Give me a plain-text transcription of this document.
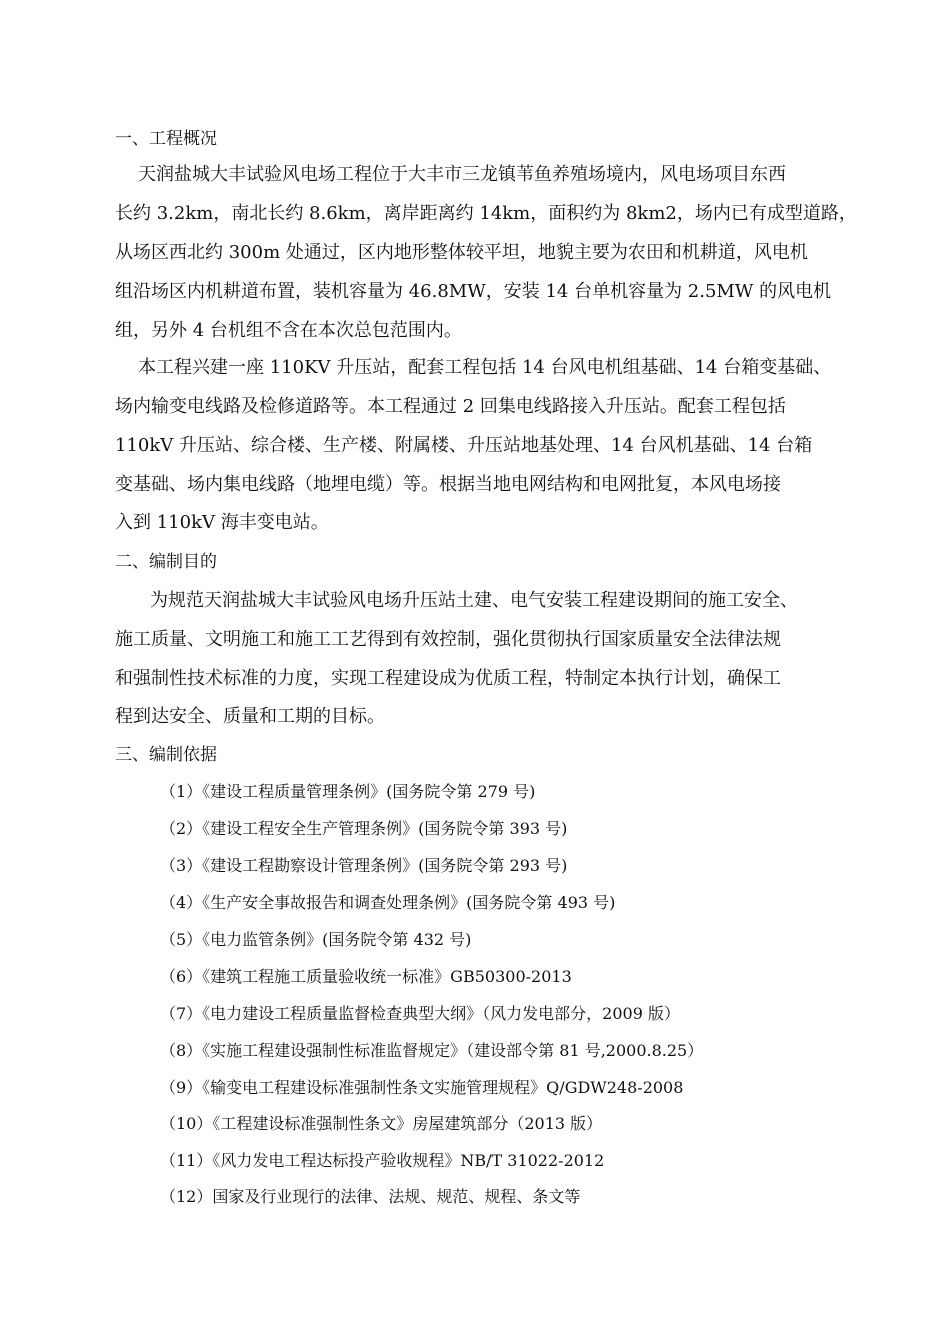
一、工程概况
天润盐城大丰试验风电场工程位于大丰市三龙镇苇鱼养殖场境内，风电场项目东西
长约 3.2km，南北长约 8.6km，离岸距离约 14km，面积约为 8km2，场内已有成型道路，
从场区西北约 300m 处通过，区内地形整体较平坦，地貌主要为农田和机耕道，风电机
组沿场区内机耕道布置，装机容量为 46.8MW，安装 14 台单机容量为 2.5MW 的风电机
组，另外 4 台机组不含在本次总包范围内。
本工程兴建一座 110KV 升压站，配套工程包括 14 台风电机组基础、14 台箱变基础、
场内输变电线路及检修道路等。本工程通过 2 回集电线路接入升压站。配套工程包括
110kV 升压站、综合楼、生产楼、附属楼、升压站地基处理、14 台风机基础、14 台箱
变基础、场内集电线路（地埋电缆）等。根据当地电网结构和电网批复，本风电场接
入到 110kV 海丰变电站。
二、编制目的
为规范天润盐城大丰试验风电场升压站土建、电气安装工程建设期间的施工安全、
施工质量、文明施工和施工工艺得到有效控制，强化贯彻执行国家质量安全法律法规
和强制性技术标准的力度，实现工程建设成为优质工程，特制定本执行计划，确保工
程到达安全、质量和工期的目标。
三、编制依据
（1）《建设工程质量管理条例》(国务院令第 279 号)
（2）《建设工程安全生产管理条例》(国务院令第 393 号)
（3）《建设工程勘察设计管理条例》(国务院令第 293 号)
（4）《生产安全事故报告和调查处理条例》(国务院令第 493 号)
（5）《电力监管条例》(国务院令第 432 号)
（6）《建筑工程施工质量验收统一标准》GB50300-2013
（7）《电力建设工程质量监督检查典型大纲》（风力发电部分，2009 版）
（8）《实施工程建设强制性标准监督规定》（建设部令第 81 号,2000.8.25）
（9）《输变电工程建设标准强制性条文实施管理规程》Q/GDW248-2008
（10）《工程建设标准强制性条文》房屋建筑部分（2013 版）
（11）《风力发电工程达标投产验收规程》NB/T 31022-2012
（12）国家及行业现行的法律、法规、规范、规程、条文等
